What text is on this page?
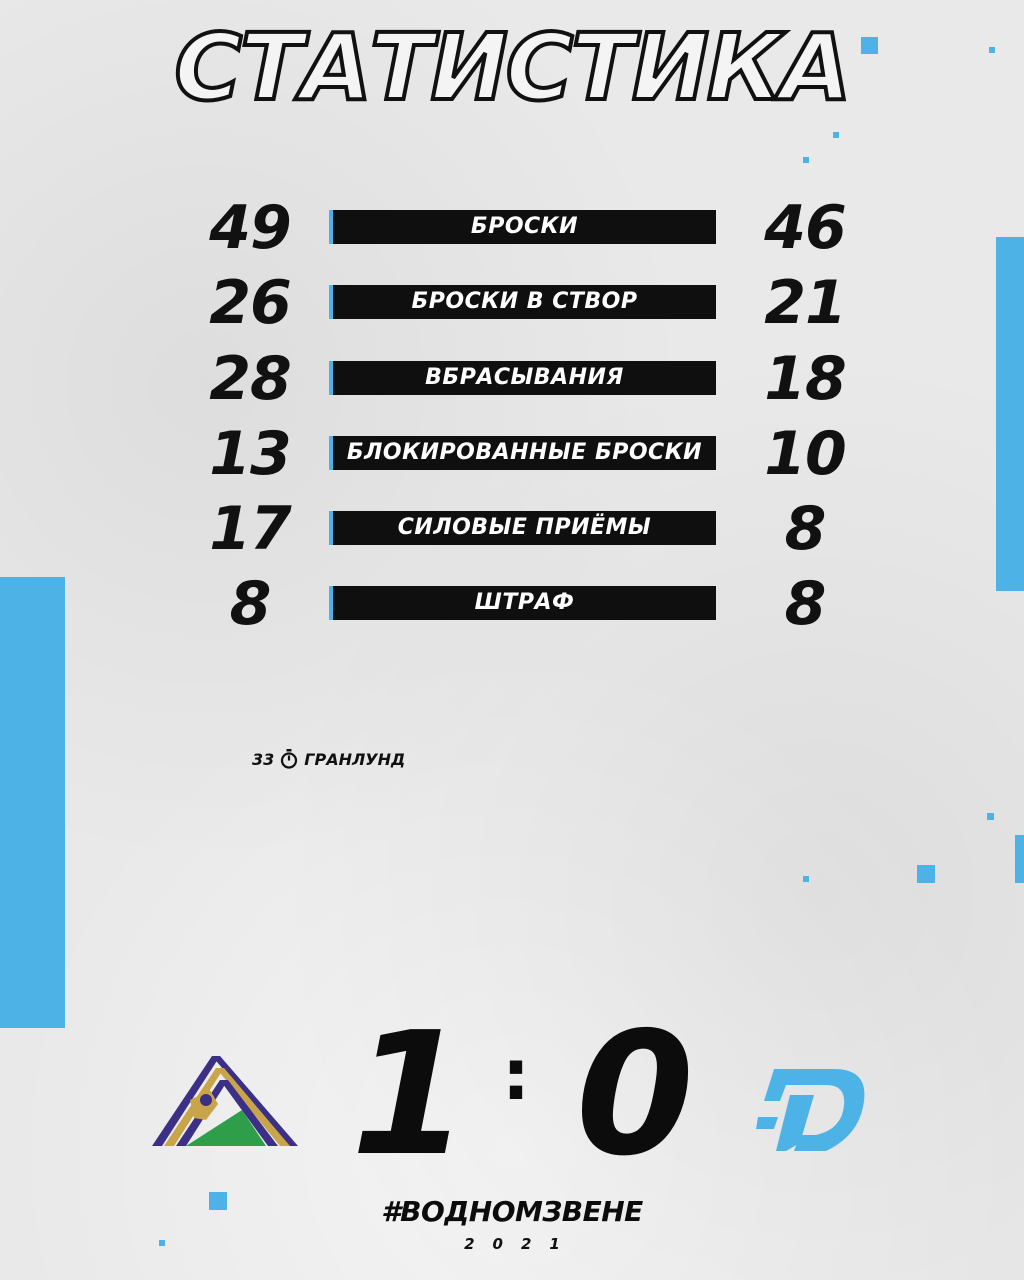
СТАТИСТИКА
49	БРОСКИ	46
26	БРОСКИ В СТВОР	21
28	ВБРАСЫВАНИЯ	18
13	БЛОКИРОВАННЫЕ БРОСКИ	10
17	СИЛОВЫЕ ПРИЁМЫ	8
8	ШТРАФ	8
33 ГРАНЛУНД
1 : 0
#ВОДНОМЗВЕНЕ
2021
